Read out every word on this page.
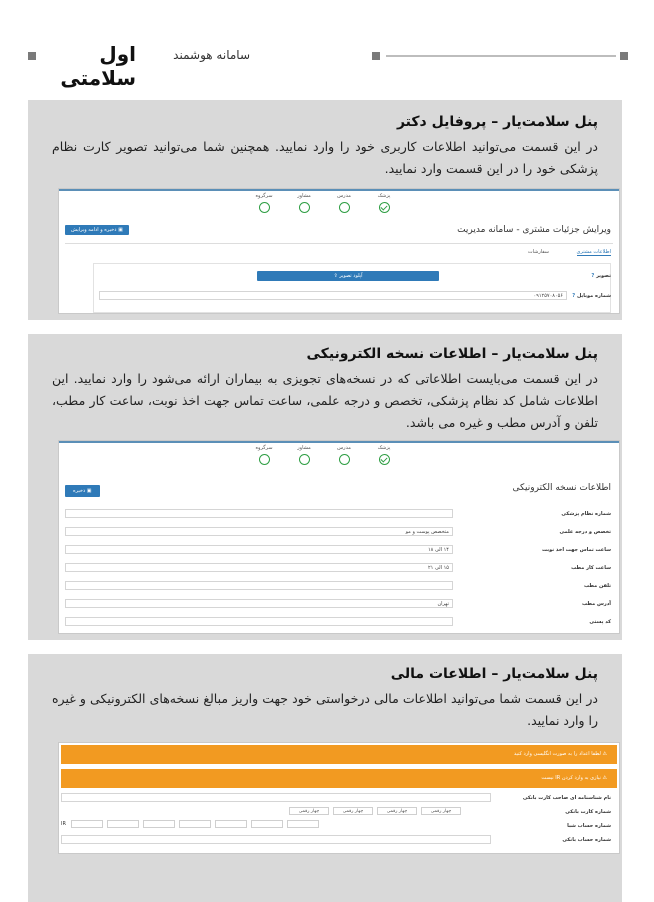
سامانه هوشمند
اول سلامتی
پنل سلامت‌یار – پروفایل دکتر

در این قسمت می‌توانید اطلاعات کاربری خود را وارد نمایید. همچنین شما می‌توانید تصویر کارت نظام پزشکی خود را در این قسمت وارد نمایید.

پزشک
مدرس
مشاور
سرگروه
▣ ذخیره و ادامه ویرایش	ویرایش جزئیات مشتری - سامانه مدیریت
اطلاعات مشتری
سفارشات
تصویر ?
آپلود تصویر ⇪
شماره موبایل ?
۰۹۱۲۵۷۰۸۰۵۶
پنل سلامت‌یار – اطلاعات نسخه الکترونیکی

در این قسمت می‌بایست اطلاعاتی که در نسخه‌های تجویزی به بیماران ارائه می‌شود را وارد نمایید. این اطلاعات شامل کد نظام پزشکی، تخصص و درجه علمی، ساعت تماس جهت اخذ نوبت، ساعت کار مطب، تلفن و آدرس مطب و غیره می باشد.

پزشک
مدرس
مشاور
سرگروه
اطلاعات نسخه الکترونیکی
▣ ذخیره
شماره نظام پزشکی
تخصص و درجه علمی
متخصص پوست و مو
ساعت تماس جهت اخذ نوبت
۱۴ الی ۱۸
ساعت کار مطب
۱۵ الی ۲۱
تلفن مطب
آدرس مطب
تهران
کد پستی
پنل سلامت‌یار – اطلاعات مالی

در این قسمت شما می‌توانید اطلاعات مالی درخواستی خود جهت واریز مبالغ نسخه‌های الکترونیکی و غیره را وارد نمایید.

⚠ لطفا اعداد را به صورت انگلیسی وارد کنید
⚠ نیازی به وارد کردن IR نیست
نام شناسنامه ای صاحب کارت بانکی
شماره کارت بانکی
چهار رقمی
چهار رقمی
چهار رقمی
چهار رقمی
شماره حساب شبا
IR
شماره حساب بانکی
